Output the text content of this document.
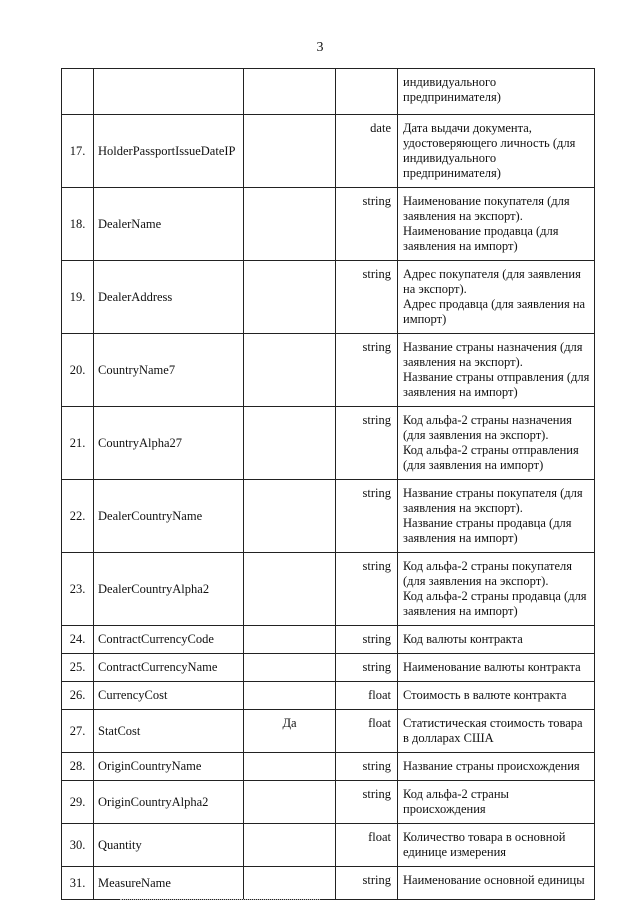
3

				индивидуального предпринимателя)

17.	HolderPassportIssueDateIP		date	Дата выдачи документа, удостоверяющего личность (для индивидуального предпринимателя)

18.	DealerName		string	Наименование покупателя (для заявления на экспорт).
Наименование продавца (для заявления на импорт)

19.	DealerAddress		string	Адрес покупателя (для заявления на экспорт).
Адрес продавца (для заявления на импорт)

20.	CountryName7		string	Название страны назначения (для заявления на экспорт).
Название страны отправления (для заявления на импорт)

21.	CountryAlpha27		string	Код альфа-2 страны назначения (для заявления на экспорт).
Код альфа-2 страны отправления (для заявления на импорт)

22.	DealerCountryName		string	Название страны покупателя (для заявления на экспорт).
Название страны продавца (для заявления на импорт)

23.	DealerCountryAlpha2		string	Код альфа-2 страны покупателя (для заявления на экспорт).
Код альфа-2 страны продавца (для заявления на импорт)

24.	ContractCurrencyCode		string	Код валюты контракта

25.	ContractCurrencyName		string	Наименование валюты контракта

26.	CurrencyCost		float	Стоимость в валюте контракта

27.	StatCost	Да	float	Статистическая стоимость товара в долларах США

28.	OriginCountryName		string	Название страны происхождения

29.	OriginCountryAlpha2		string	Код альфа-2 страны происхождения

30.	Quantity		float	Количество товара в основной единице измерения

31.	MeasureName		string	Наименование основной единицы
